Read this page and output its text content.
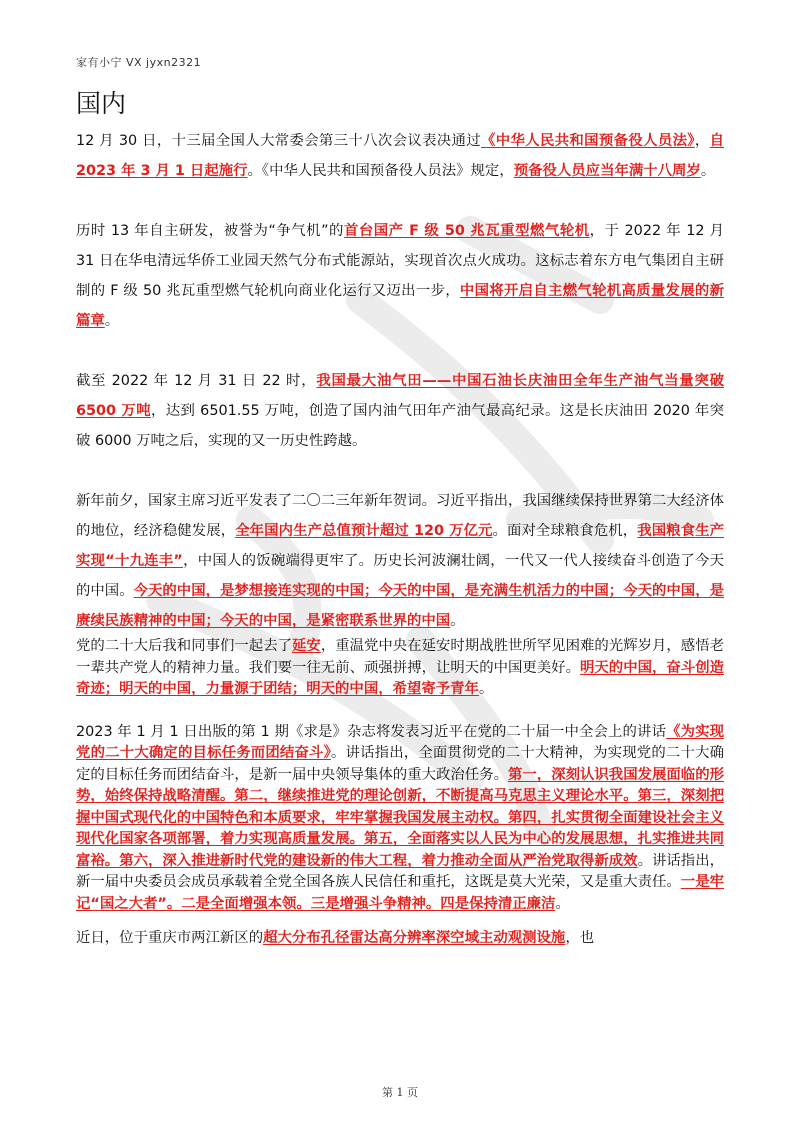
家有小宁 VX jyxn2321
国内

12 月 30 日，十三届全国人大常委会第三十八次会议表决通过《中华人民共和国预备役人员法》，自 2023 年 3 月 1 日起施行。《中华人民共和国预备役人员法》规定，预备役人员应当年满十八周岁。

历时 13 年自主研发，被誉为“争气机”的首台国产 F 级 50 兆瓦重型燃气轮机，于 2022 年 12 月 31 日在华电清远华侨工业园天然气分布式能源站，实现首次点火成功。这标志着东方电气集团自主研制的 F 级 50 兆瓦重型燃气轮机向商业化运行又迈出一步，中国将开启自主燃气轮机高质量发展的新篇章。

截至 2022 年 12 月 31 日 22 时，我国最大油气田——中国石油长庆油田全年生产油气当量突破 6500 万吨，达到 6501.55 万吨，创造了国内油气田年产油气最高纪录。这是长庆油田 2020 年突破 6000 万吨之后，实现的又一历史性跨越。

新年前夕，国家主席习近平发表了二〇二三年新年贺词。习近平指出，我国继续保持世界第二大经济体的地位，经济稳健发展，全年国内生产总值预计超过 120 万亿元。面对全球粮食危机，我国粮食生产实现“十九连丰”，中国人的饭碗端得更牢了。历史长河波澜壮阔，一代又一代人接续奋斗创造了今天的中国。今天的中国，是梦想接连实现的中国；今天的中国，是充满生机活力的中国；今天的中国，是赓续民族精神的中国；今天的中国，是紧密联系世界的中国。

党的二十大后我和同事们一起去了延安，重温党中央在延安时期战胜世所罕见困难的光辉岁月，感悟老一辈共产党人的精神力量。我们要一往无前、顽强拼搏，让明天的中国更美好。明天的中国，奋斗创造奇迹；明天的中国，力量源于团结；明天的中国，希望寄予青年。

2023 年 1 月 1 日出版的第 1 期《求是》杂志将发表习近平在党的二十届一中全会上的讲话《为实现党的二十大确定的目标任务而团结奋斗》。讲话指出，全面贯彻党的二十大精神，为实现党的二十大确定的目标任务而团结奋斗，是新一届中央领导集体的重大政治任务。第一，深刻认识我国发展面临的形势，始终保持战略清醒。第二，继续推进党的理论创新，不断提高马克思主义理论水平。第三，深刻把握中国式现代化的中国特色和本质要求，牢牢掌握我国发展主动权。第四，扎实贯彻全面建设社会主义现代化国家各项部署，着力实现高质量发展。第五，全面落实以人民为中心的发展思想，扎实推进共同富裕。第六，深入推进新时代党的建设新的伟大工程，着力推动全面从严治党取得新成效。讲话指出，新一届中央委员会成员承载着全党全国各族人民信任和重托，这既是莫大光荣，又是重大责任。一是牢记“国之大者”。二是全面增强本领。三是增强斗争精神。四是保持清正廉洁。

近日，位于重庆市两江新区的超大分布孔径雷达高分辨率深空域主动观测设施，也

第 1 页
